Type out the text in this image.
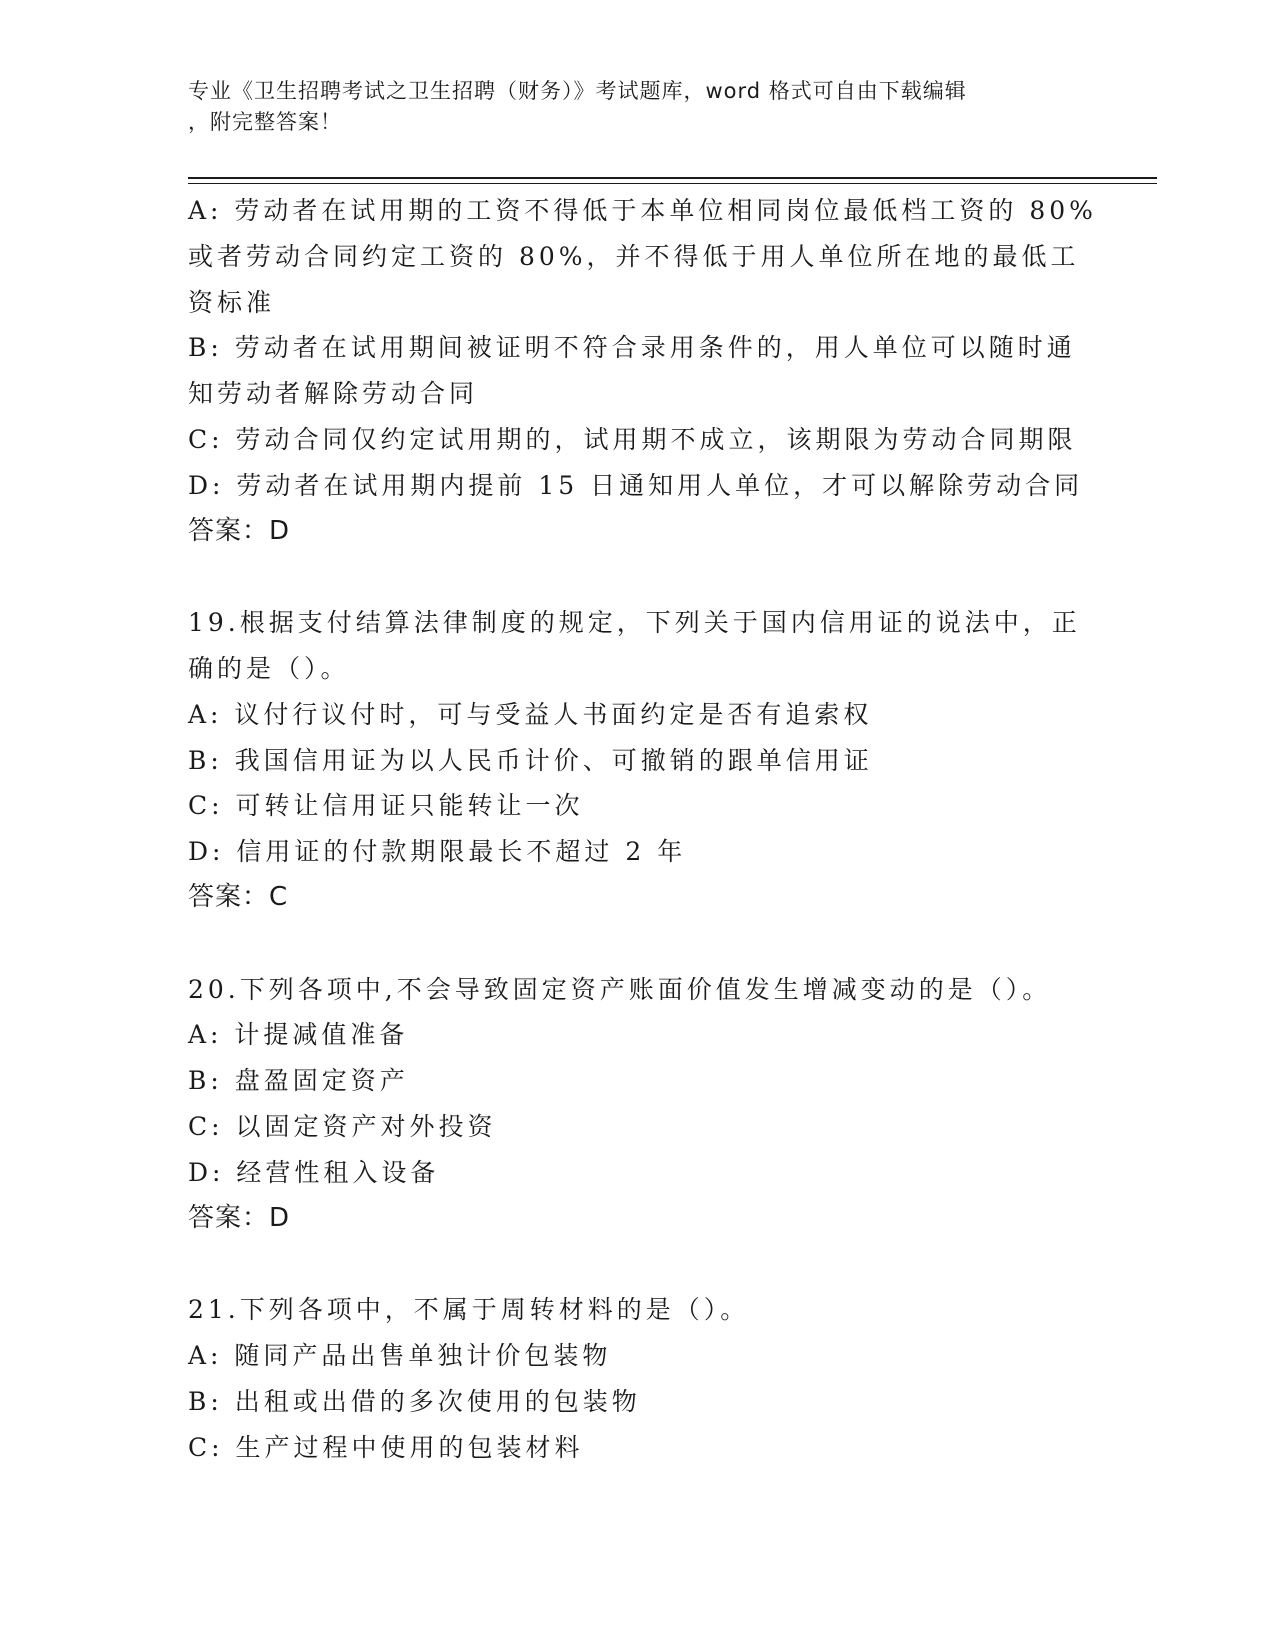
专业《卫生招聘考试之卫生招聘（财务）》考试题库，word 格式可自由下载编辑
，附完整答案！
A: 劳动者在试用期的工资不得低于本单位相同岗位最低档工资的 80%
或者劳动合同约定工资的 80%，并不得低于用人单位所在地的最低工
资标准
B: 劳动者在试用期间被证明不符合录用条件的，用人单位可以随时通
知劳动者解除劳动合同
C: 劳动合同仅约定试用期的，试用期不成立，该期限为劳动合同期限
D: 劳动者在试用期内提前 15 日通知用人单位，才可以解除劳动合同
答案：D
19.根据支付结算法律制度的规定，下列关于国内信用证的说法中，正
确的是（）。
A: 议付行议付时，可与受益人书面约定是否有追索权
B: 我国信用证为以人民币计价、可撤销的跟单信用证
C: 可转让信用证只能转让一次
D: 信用证的付款期限最长不超过 2 年
答案：C
20.下列各项中,不会导致固定资产账面价值发生增减变动的是（）。
A: 计提减值准备
B: 盘盈固定资产
C: 以固定资产对外投资
D: 经营性租入设备
答案：D
21.下列各项中，不属于周转材料的是（）。
A: 随同产品出售单独计价包装物
B: 出租或出借的多次使用的包装物
C: 生产过程中使用的包装材料
